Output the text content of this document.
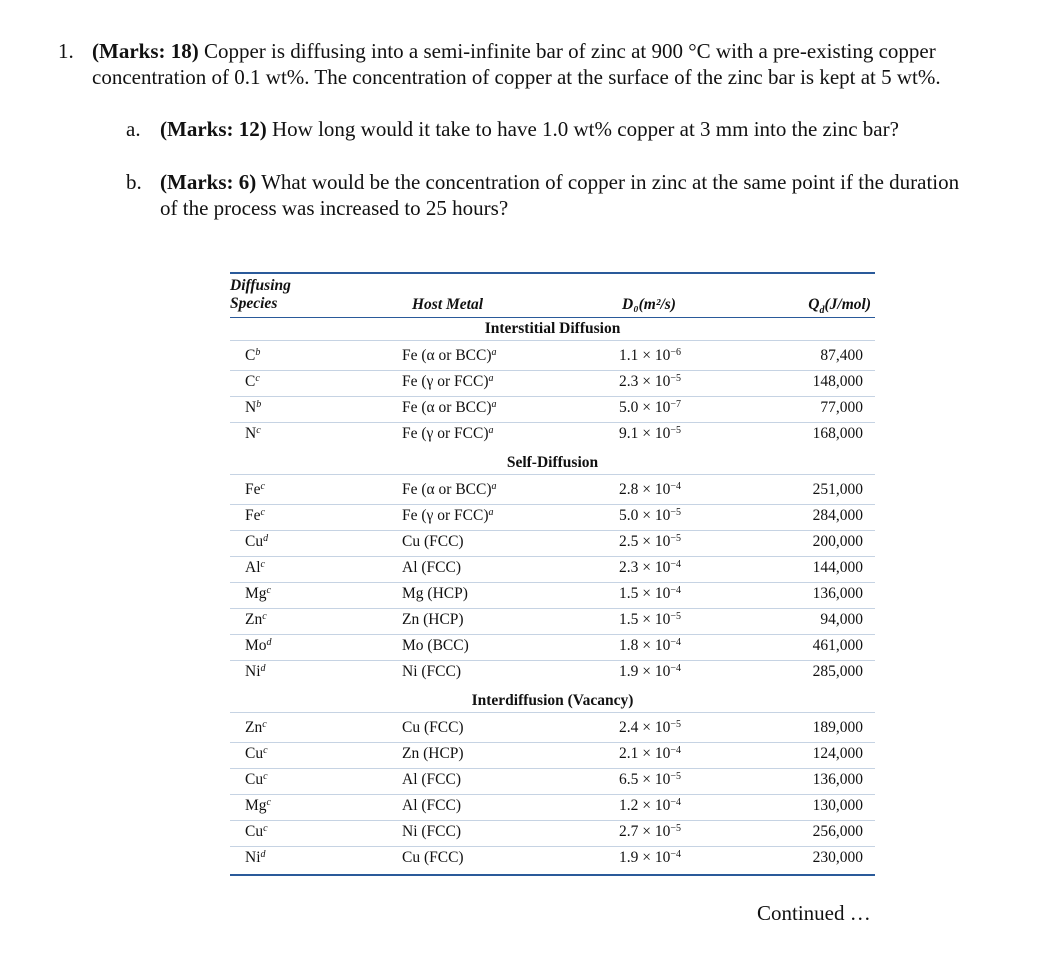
1. (Marks: 18) Copper is diffusing into a semi-infinite bar of zinc at 900 °C with a pre-existing copper concentration of 0.1 wt%. The concentration of copper at the surface of the zinc bar is kept at 5 wt%.
a. (Marks: 12) How long would it take to have 1.0 wt% copper at 3 mm into the zinc bar?
b. (Marks: 6) What would be the concentration of copper in zinc at the same point if the duration of the process was increased to 25 hours?
Diffusing
Species	Host Metal	D₀(m²/s)	$Q_d(J/mol)$
Interstitial Diffusion
$C^b$	Fe (α or BCC)$^a$	$1.1 \times 10^{-6}$	87,400
$C^c$	Fe (γ or FCC)$^a$	$2.3 \times 10^{-5}$	148,000
$N^b$	Fe (α or BCC)$^a$	$5.0 \times 10^{-7}$	77,000
$N^c$	Fe (γ or FCC)$^a$	$9.1 \times 10^{-5}$	168,000
Self-Diffusion
Fe$^c$	Fe (α or BCC)$^a$	$2.8 \times 10^{-4}$	251,000
Fe$^c$	Fe (γ or FCC)$^a$	$5.0 \times 10^{-5}$	284,000
Cu$^d$	Cu (FCC)	$2.5 \times 10^{-5}$	200,000
Al$^c$	Al (FCC)	$2.3 \times 10^{-4}$	144,000
Mg$^c$	Mg (HCP)	$1.5 \times 10^{-4}$	136,000
Zn$^c$	Zn (HCP)	$1.5 \times 10^{-5}$	94,000
Mo$^d$	Mo (BCC)	$1.8 \times 10^{-4}$	461,000
Ni$^d$	Ni (FCC)	$1.9 \times 10^{-4}$	285,000
Interdiffusion (Vacancy)
Zn$^c$	Cu (FCC)	$2.4 \times 10^{-5}$	189,000
Cu$^c$	Zn (HCP)	$2.1 \times 10^{-4}$	124,000
Cu$^c$	Al (FCC)	$6.5 \times 10^{-5}$	136,000
Mg$^c$	Al (FCC)	$1.2 \times 10^{-4}$	130,000
Cu$^c$	Ni (FCC)	$2.7 \times 10^{-5}$	256,000
Ni$^d$	Cu (FCC)	$1.9 \times 10^{-4}$	230,000
Continued …
